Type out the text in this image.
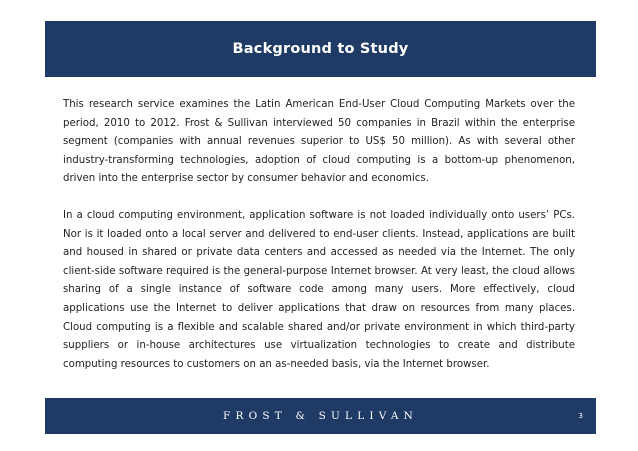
Background to Study

This research service examines the Latin American End-User Cloud Computing Markets over the period, 2010 to 2012. Frost & Sullivan interviewed 50 companies in Brazil within the enterprise segment (companies with annual revenues superior to US$ 50 million). As with several other industry-transforming technologies, adoption of cloud computing is a bottom-up phenomenon, driven into the enterprise sector by consumer behavior and economics.

In a cloud computing environment, application software is not loaded individually onto users’ PCs. Nor is it loaded onto a local server and delivered to end-user clients. Instead, applications are built and housed in shared or private data centers and accessed as needed via the Internet. The only client-side software required is the general-purpose Internet browser. At very least, the cloud allows sharing of a single instance of software code among many users. More effectively, cloud applications use the Internet to deliver applications that draw on resources from many places. Cloud computing is a flexible and scalable shared and/or private environment in which third-party suppliers or in-house architectures use virtualization technologies to create and distribute computing resources to customers on an as-needed basis, via the Internet browser.

FROST & SULLIVAN	3
